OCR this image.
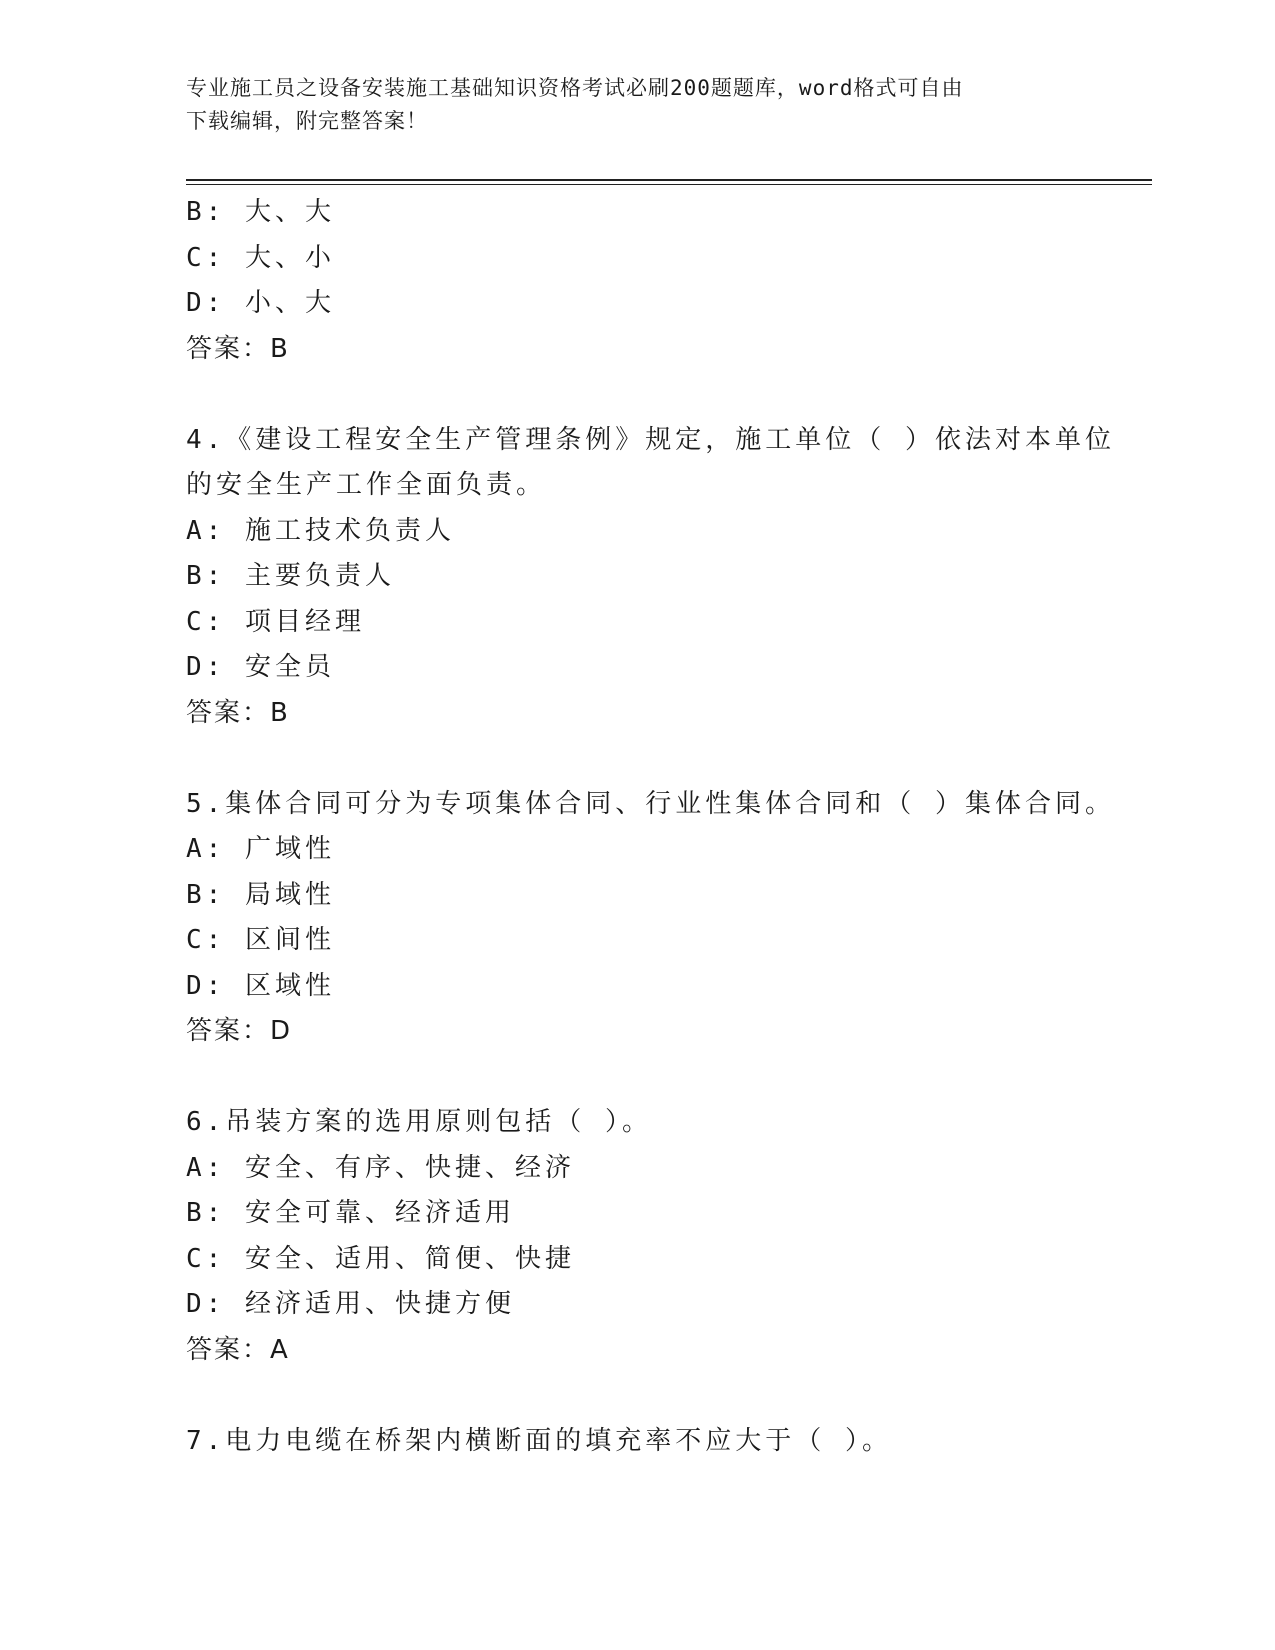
专业施工员之设备安装施工基础知识资格考试必刷200题题库，word格式可自由
下载编辑，附完整答案！
B: 大、大
C: 大、小
D: 小、大
答案：B
4.《建设工程安全生产管理条例》规定，施工单位（ ）依法对本单位
的安全生产工作全面负责。
A: 施工技术负责人
B: 主要负责人
C: 项目经理
D: 安全员
答案：B
5.集体合同可分为专项集体合同、行业性集体合同和（ ）集体合同。
A: 广域性
B: 局域性
C: 区间性
D: 区域性
答案：D
6.吊装方案的选用原则包括（ ）。
A: 安全、有序、快捷、经济
B: 安全可靠、经济适用
C: 安全、适用、简便、快捷
D: 经济适用、快捷方便
答案：A
7.电力电缆在桥架内横断面的填充率不应大于（ ）。
